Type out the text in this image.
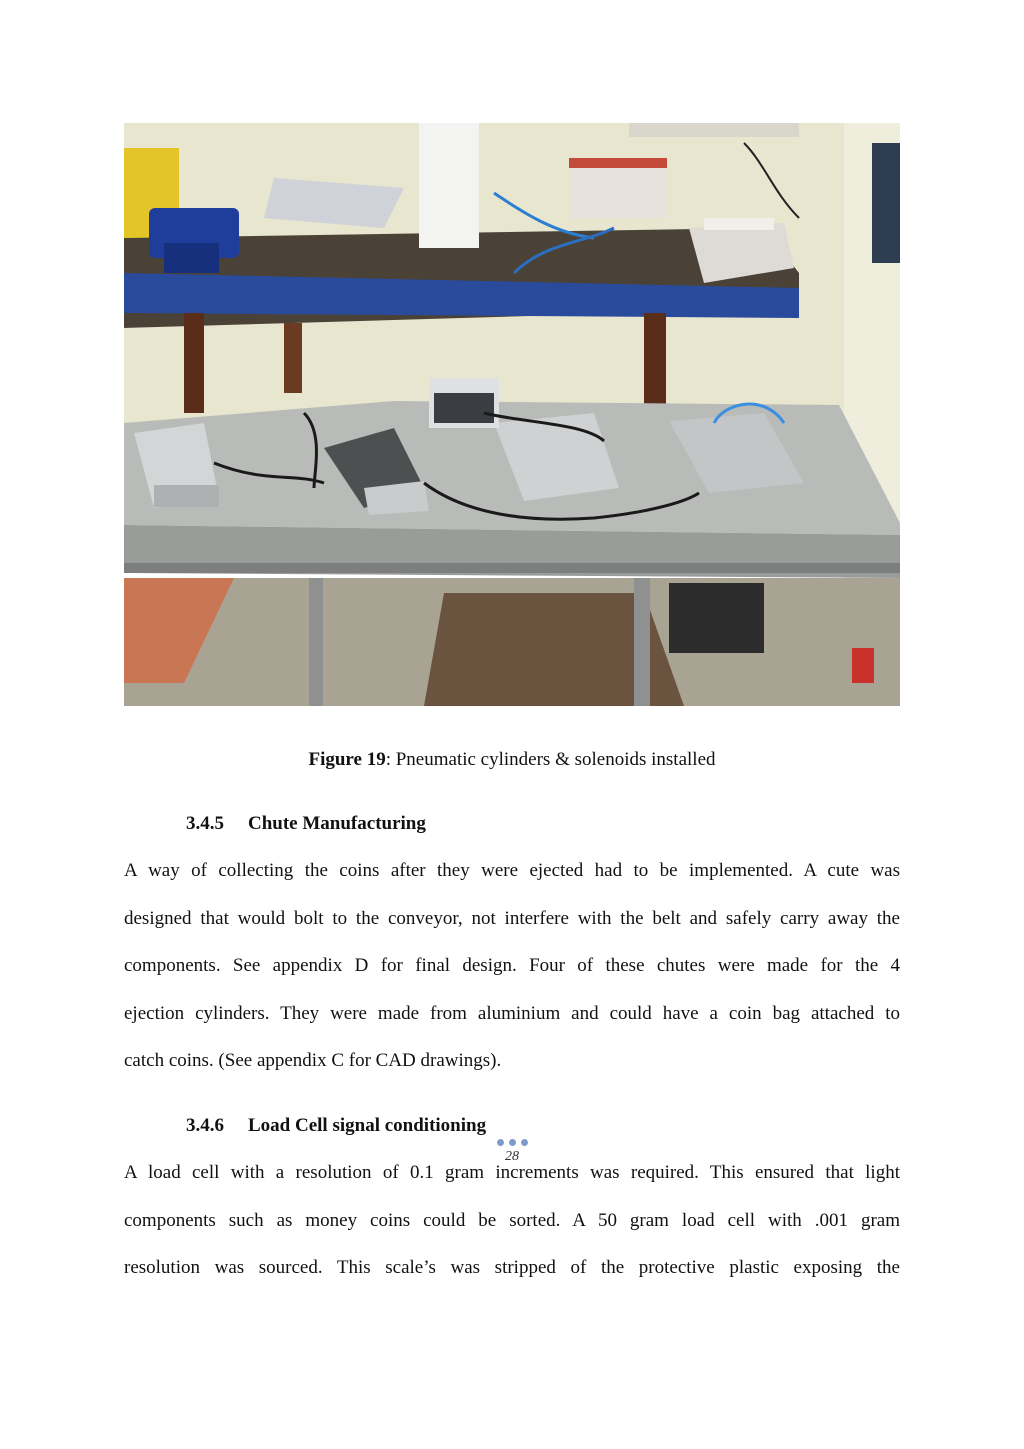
Figure 19: Pneumatic cylinders & solenoids installed
3.4.5 Chute Manufacturing
A way of collecting the coins after they were ejected had to be implemented. A cute was
designed that would bolt to the conveyor, not interfere with the belt and safely carry away the
components. See appendix D for final design. Four of these chutes were made for the 4
ejection cylinders. They were made from aluminium and could have a coin bag attached to
catch coins. (See appendix C for CAD drawings).
3.4.6 Load Cell signal conditioning
A load cell with a resolution of 0.1 gram increments was required. This ensured that light
components such as money coins could be sorted. A 50 gram load cell with .001 gram
resolution was sourced. This scale’s was stripped of the protective plastic exposing the
28
